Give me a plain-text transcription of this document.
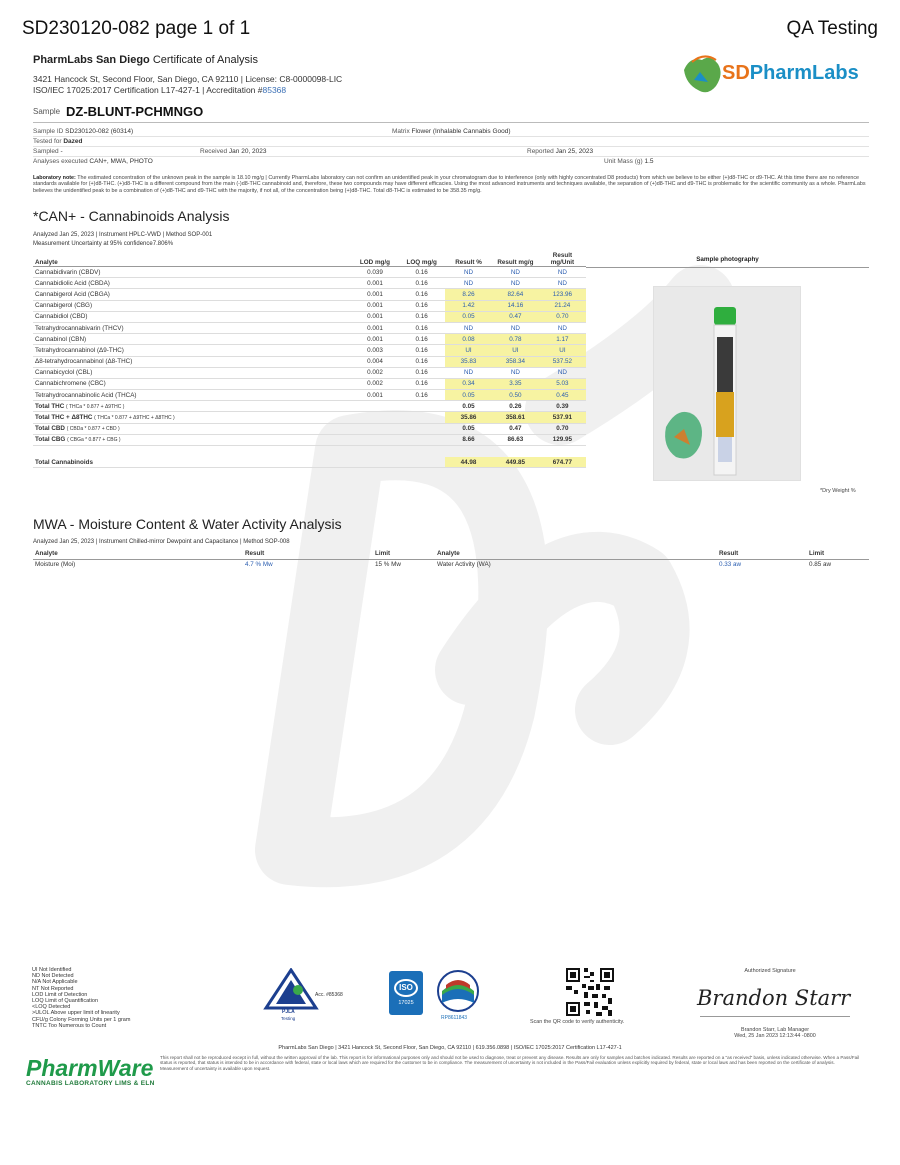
SD230120-082 page 1 of 1	QA Testing
PharmLabs San Diego Certificate of Analysis
3421 Hancock St, Second Floor, San Diego, CA 92110 | License: C8-0000098-LIC
ISO/IEC 17025:2017 Certification L17-427-1 | Accreditation #85368
SDPharmLabs
Sample DZ-BLUNT-PCHMNGO
Sample ID SD230120-082 (60314)	Matrix Flower (Inhalable Cannabis Good)
Tested for Dazed
Sampled -	Received Jan 20, 2023	Reported Jan 25, 2023
Analyses executed CAN+, MWA, PHOTO	Unit Mass (g) 1.5
Laboratory note: The estimated concentration of the unknown peak in the sample is 18.10 mg/g | Currently PharmLabs laboratory can not confirm an unidentified peak in your chromatogram due to interference (only with highly concentrated D8 products) from which we believe to be either (+)d8-THC or d9-THC. At this time there are no reference standards available for (+)d8-THC. (+)d8-THC is a different compound from the main (-)d8-THC cannabinoid and, therefore, these two compounds may have different efficacies. Using the most advanced instruments and techniques available, the separation of (+)d8-THC and d9-THC is problematic for the scientific community as a whole. PharmLabs believes the unidentified peak to be a combination of (+)d8-THC and d9-THC with the majority, if not all, of the concentration being (+)d8-THC. Total d8-THC is estimated to be 358.35 mg/g.
*CAN+ - Cannabinoids Analysis
Analyzed Jan 25, 2023 | Instrument HPLC-VWD | Method SOP-001
Measurement Uncertainty at 95% confidence7.806%
Analyte	LOD mg/g	LOQ mg/g	Result %	Result mg/g	Result mg/Unit
Cannabidivarin (CBDV)	0.039	0.16	ND	ND	ND
Cannabidiolic Acid (CBDA)	0.001	0.16	ND	ND	ND
Cannabigerol Acid (CBGA)	0.001	0.16	8.26	82.64	123.96
Cannabigerol (CBG)	0.001	0.16	1.42	14.16	21.24
Cannabidiol (CBD)	0.001	0.16	0.05	0.47	0.70
Tetrahydrocannabivarin (THCV)	0.001	0.16	ND	ND	ND
Cannabinol (CBN)	0.001	0.16	0.08	0.78	1.17
Tetrahydrocannabinol (Δ9-THC)	0.003	0.16	UI	UI	UI
Δ8-tetrahydrocannabinol (Δ8-THC)	0.004	0.16	35.83	358.34	537.52
Cannabicyclol (CBL)	0.002	0.16	ND	ND	ND
Cannabichromene (CBC)	0.002	0.16	0.34	3.35	5.03
Tetrahydrocannabinolic Acid (THCA)	0.001	0.16	0.05	0.50	0.45
Total THC ( THCa * 0.877 + Δ9THC )			0.05	0.26	0.39
Total THC + Δ8THC ( THCa * 0.877 + Δ9THC + Δ8THC )			35.86	358.61	537.91
Total CBD ( CBDa * 0.877 + CBD )			0.05	0.47	0.70
Total CBG ( CBGa * 0.877 + CBG )			8.66	86.63	129.95

Total Cannabinoids			44.98	449.85	674.77
Sample photography
*Dry Weight %
MWA - Moisture Content & Water Activity Analysis
Analyzed Jan 25, 2023 | Instrument Chilled-mirror Dewpoint and Capacitance | Method SOP-008
Analyte	Result	Limit	Analyte	Result	Limit
Moisture (Moi)	4.7 % Mw	15 % Mw	Water Activity (WA)	0.33 aw	0.85 aw
UI Not Identified
ND Not Detected
N/A Not Applicable
NT Not Reported
LOD Limit of Detection
LOQ Limit of Quantification
<LOQ Detected
>ULOL Above upper limit of linearity
CFU/g Colony Forming Units per 1 gram
TNTC Too Numerous to Count
PJLA
Testing
Acc. #85368
ISO
17025
RP8611843
Scan the QR code to verify authenticity.
Authorized Signature
Brandon Starr
Brandon Starr, Lab Manager
Wed, 25 Jan 2023 12:13:44 -0800
PharmLabs San Diego | 3421 Hancock St, Second Floor, San Diego, CA 92110 | 619.356.0898 | ISO/IEC 17025:2017 Certification L17-427-1
This report shall not be reproduced except in full, without the written approval of the lab. This report is for informational purposes only and should not be used to diagnose, treat or prevent any disease. Results are only for samples and batches indicated. Results are reported on a "as received" basis, unless indicated otherwise. When a Pass/Fail status is reported, that status is intended to be in accordance with federal, state or local laws which are required for the customer to be in compliance. The measurement of uncertainty is not included in the Pass/Fail evaluation unless explicitly required by federal, state or local laws and has been reported on the certificate of analysis. Measurement of uncertainty is available upon request.
PharmWare
CANNABIS LABORATORY LIMS & ELN
